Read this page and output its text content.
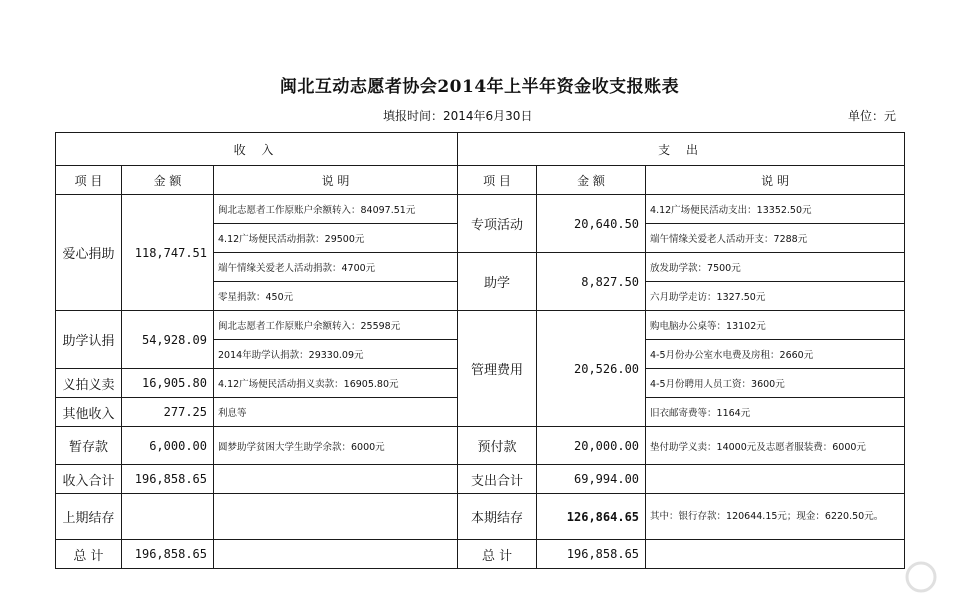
闽北互动志愿者协会2014年上半年资金收支报账表
填报时间：2014年6月30日	单位：元
收 入			支 出		
项 目	金 额	说 明	项 目	金 额	说 明
爱心捐助	118,747.51	闽北志愿者工作原账户余额转入：84097.51元	专项活动	20,640.50	4.12广场便民活动支出：13352.50元
		4.12广场便民活动捐款：29500元			端午情缘关爱老人活动开支：7288元
		端午情缘关爱老人活动捐款：4700元	助学	8,827.50	放发助学款：7500元
		零星捐款：450元			六月助学走访：1327.50元
助学认捐	54,928.09	闽北志愿者工作原账户余额转入：25598元	管理费用	20,526.00	购电脑办公桌等：13102元
		2014年助学认捐款：29330.09元			4-5月份办公室水电费及房租：2660元
义拍义卖	16,905.80	4.12广场便民活动捐义卖款：16905.80元			4-5月份聘用人员工资：3600元
其他收入	277.25	利息等			旧衣邮寄费等：1164元
暂存款	6,000.00	圆梦助学贫困大学生助学余款：6000元	预付款	20,000.00	垫付助学义卖：14000元及志愿者服装费：6000元
收入合计	196,858.65		支出合计	69,994.00	
上期结存			本期结存	126,864.65	其中：银行存款：120644.15元；现金：6220.50元。
总 计	196,858.65		总 计	196,858.65	
